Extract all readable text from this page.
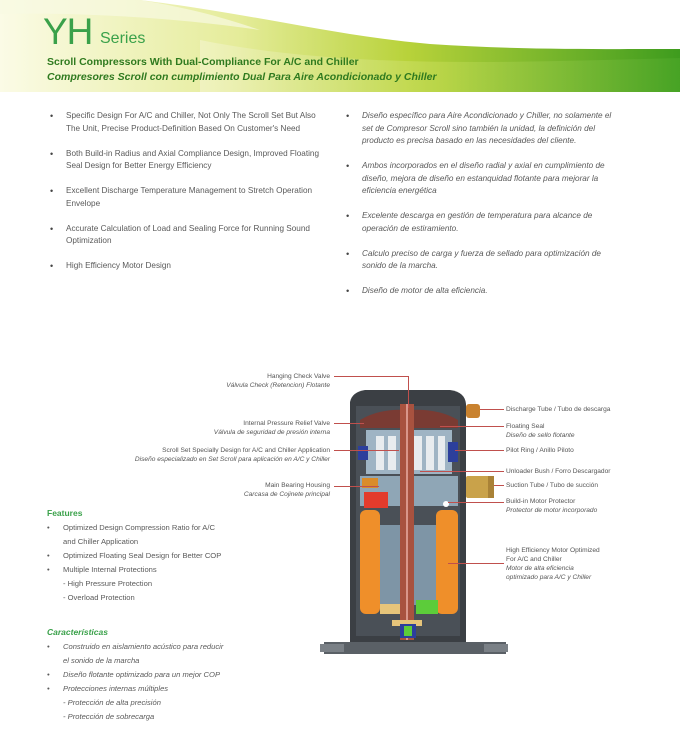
YH Series
Scroll Compressors With Dual-Compliance For A/C and Chiller
Compresores Scroll con cumplimiento Dual Para Aire Acondicionado y Chiller
• Specific Design For A/C and Chiller, Not Only The Scroll Set But Also The Unit, Precise Product-Definition Based On Customer's Need
• Both Build-in Radius and Axial Compliance Design, Improved Floating Seal Design for Better Energy Efficiency
• Excellent Discharge Temperature Management to Stretch Operation Envelope
• Accurate Calculation of Load and Sealing Force for Running Sound Optimization
• High Efficiency Motor Design
• Diseño específico para Aire Acondicionado y Chiller, no solamente el set de Compresor Scroll sino también la unidad, la definición del producto es precisa basado en las necesidades del cliente.
• Ambos incorporados en el diseño radial y axial en cumplimiento de diseño, mejora de diseño en estanquidad flotante para mejorar la eficiencia energética
• Excelente descarga en gestión de temperatura para alcance de operación de estiramiento.
• Calculo preciso de carga y fuerza de sellado para optimización de sonido de la marcha.
• Diseño de motor de alta eficiencia.
Features
• Optimized Design Compression Ratio for A/C
and Chiller Application
• Optimized Floating Seal Design for Better COP
• Multiple Internal Protections
- High Pressure Protection
- Overload Protection
Características
• Construido en aislamiento acústico para reducir
el sonido de la marcha
• Diseño flotante optimizado para un mejor COP
• Protecciones internas múltiples
- Protección de alta precisión
- Protección de sobrecarga
Hanging Check Valve
Válvula Check (Retencion) Flotante
Internal Pressure Relief Valve
Válvula de seguridad de presión interna
Scroll Set Specially Design for A/C and Chiller Application
Diseño especializado en Set Scroll para aplicación en A/C y Chiller
Main Bearing Housing
Carcasa de Cojinete principal
Discharge Tube / Tubo de descarga
Floating Seal
Diseño de sello flotante
Pilot Ring / Anillo Piloto
Unloader Bush / Forro Descargador
Suction Tube / Tubo de succión
Build-in Motor Protector
Protector de motor incorporado
High Efficiency Motor Optimized
For A/C and Chiller
Motor de alta eficiencia
optimizado para A/C y Chiller
